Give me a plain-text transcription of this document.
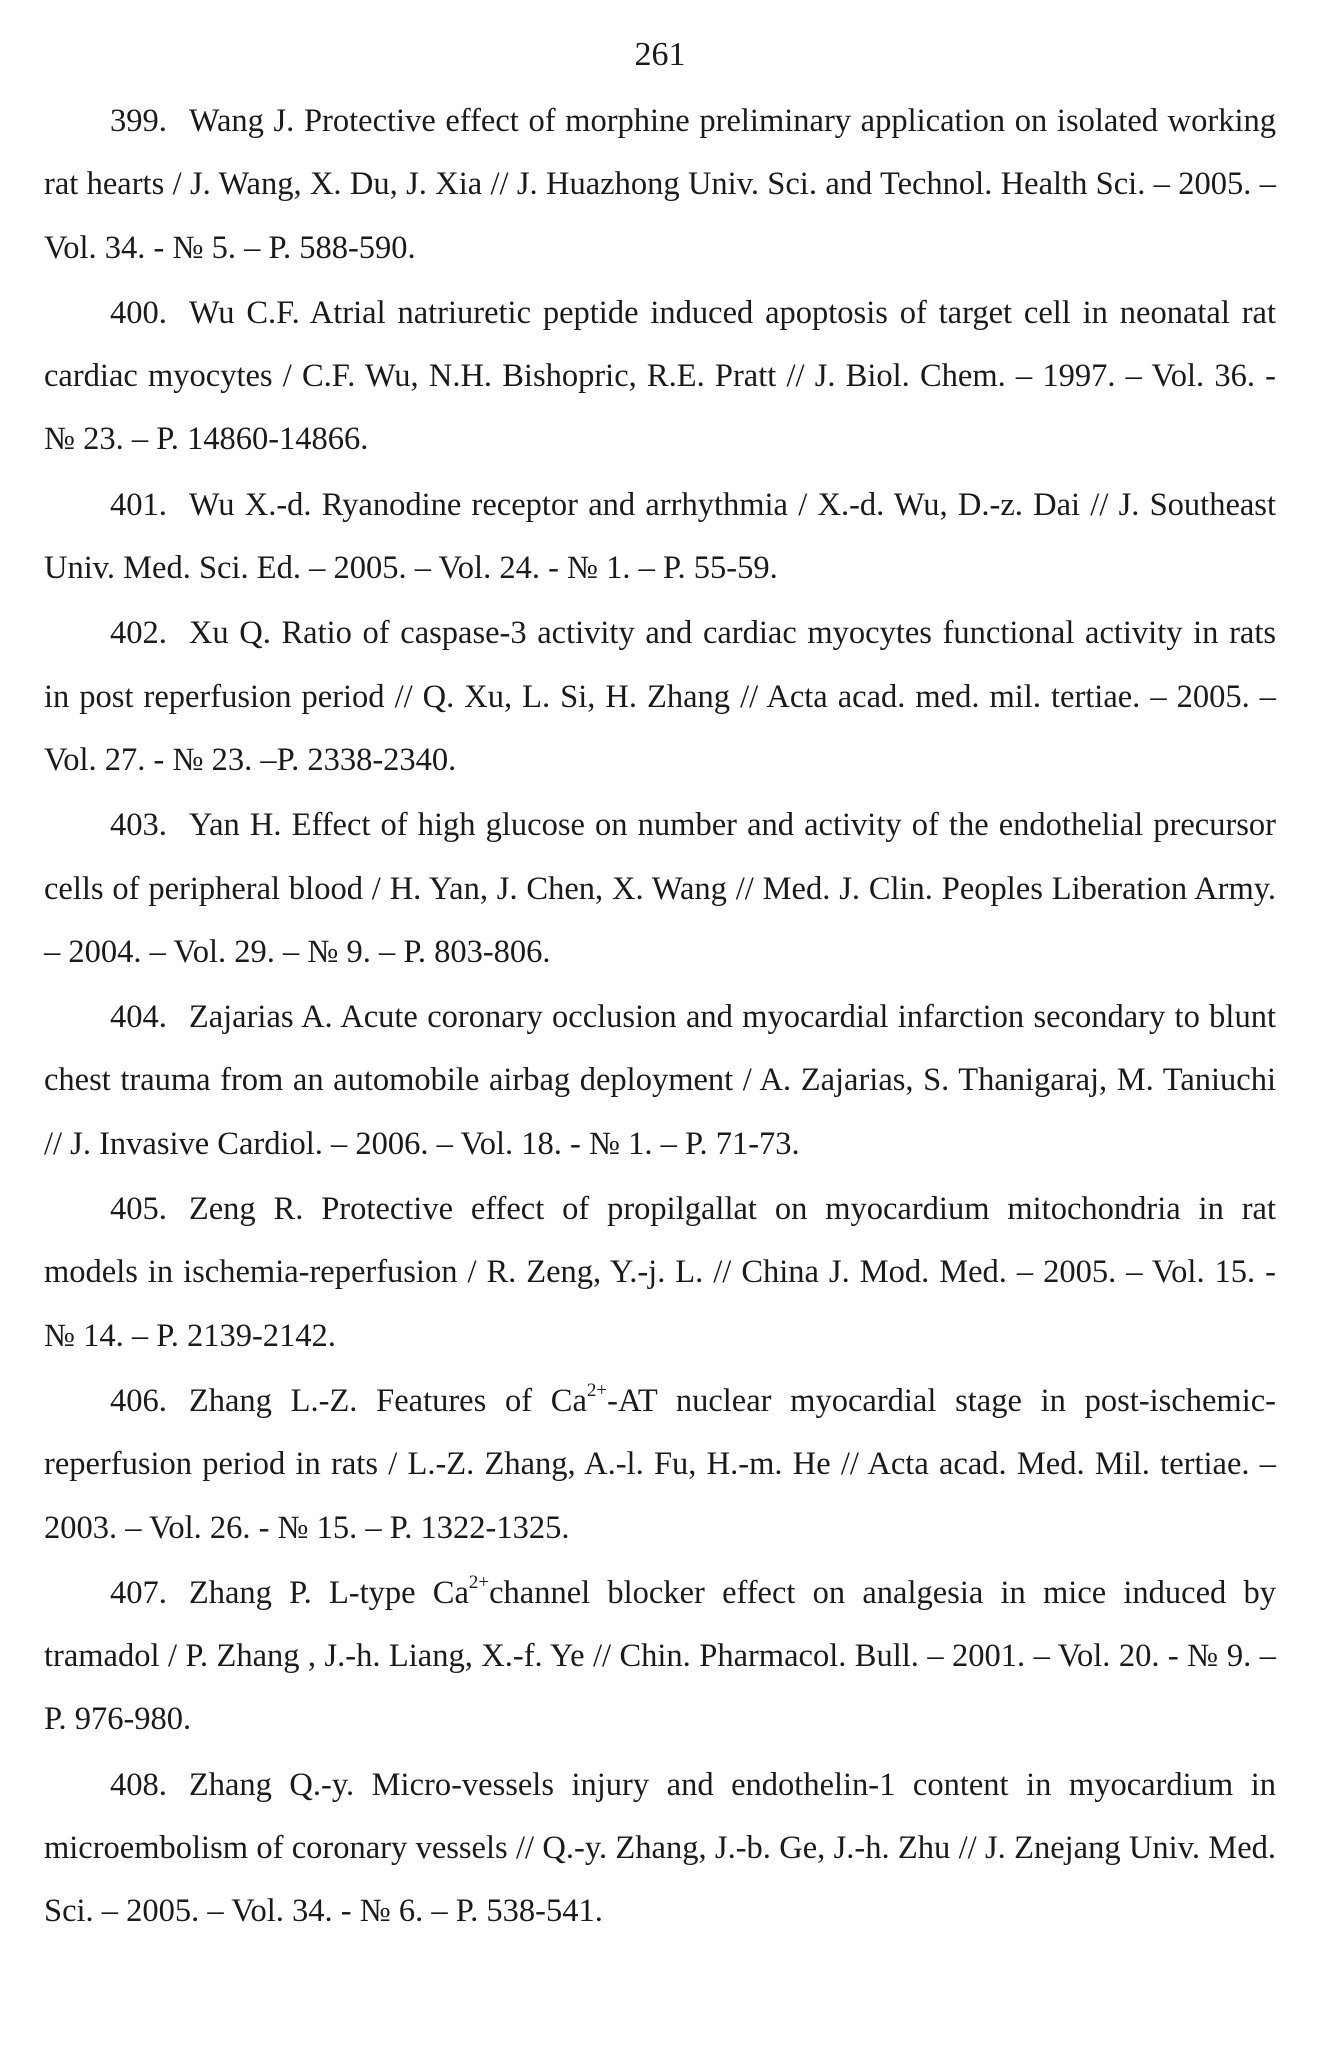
261
399. Wang J. Protective effect of morphine preliminary application on isolated working rat hearts / J. Wang, X. Du, J. Xia // J. Huazhong Univ. Sci. and Technol. Health Sci. – 2005. – Vol. 34. - № 5. – P. 588-590.
400. Wu C.F. Atrial natriuretic peptide induced apoptosis of target cell in neonatal rat cardiac myocytes / C.F. Wu, N.H. Bishopric, R.E. Pratt // J. Biol. Chem. – 1997. – Vol. 36. - № 23. – P. 14860-14866.
401. Wu X.-d. Ryanodine receptor and arrhythmia / X.-d. Wu, D.-z. Dai // J. Southeast Univ. Med. Sci. Ed. – 2005. – Vol. 24. - № 1. – P. 55-59.
402. Xu Q. Ratio of caspase-3 activity and cardiac myocytes functional activity in rats in post reperfusion period // Q. Xu, L. Si, H. Zhang // Acta acad. med. mil. tertiae. – 2005. – Vol. 27. - № 23. –P. 2338-2340.
403. Yan H. Effect of high glucose on number and activity of the endothelial precursor cells of peripheral blood / H. Yan, J. Chen, X. Wang // Med. J. Clin. Peoples Liberation Army. – 2004. – Vol. 29. – № 9. – P. 803-806.
404. Zajarias A. Acute coronary occlusion and myocardial infarction secondary to blunt chest trauma from an automobile airbag deployment / A. Zajarias, S. Thanigaraj, M. Taniuchi // J. Invasive Cardiol. – 2006. – Vol. 18. - № 1. – P. 71-73.
405. Zeng R. Protective effect of propilgallat on myocardium mitochondria in rat models in ischemia-reperfusion / R. Zeng, Y.-j. L. // China J. Mod. Med. – 2005. – Vol. 15. - № 14. – P. 2139-2142.
406. Zhang L.-Z. Features of $Ca^{2+}-AT$ nuclear myocardial stage in post-ischemic-reperfusion period in rats / L.-Z. Zhang, A.-l. Fu, H.-m. He // Acta acad. Med. Mil. tertiae. – 2003. – Vol. 26. - № 15. – P. 1322-1325.
407. Zhang P. L-type $Ca^{2+}channel$ blocker effect on analgesia in mice induced by tramadol / P. Zhang , J.-h. Liang, X.-f. Ye // Chin. Pharmacol. Bull. – 2001. – Vol. 20. - № 9. – P. 976-980.
408. Zhang Q.-y. Micro-vessels injury and endothelin-1 content in myocardium in microembolism of coronary vessels // Q.-y. Zhang, J.-b. Ge, J.-h. Zhu // J. Znejang Univ. Med. Sci. – 2005. – Vol. 34. - № 6. – P. 538-541.
